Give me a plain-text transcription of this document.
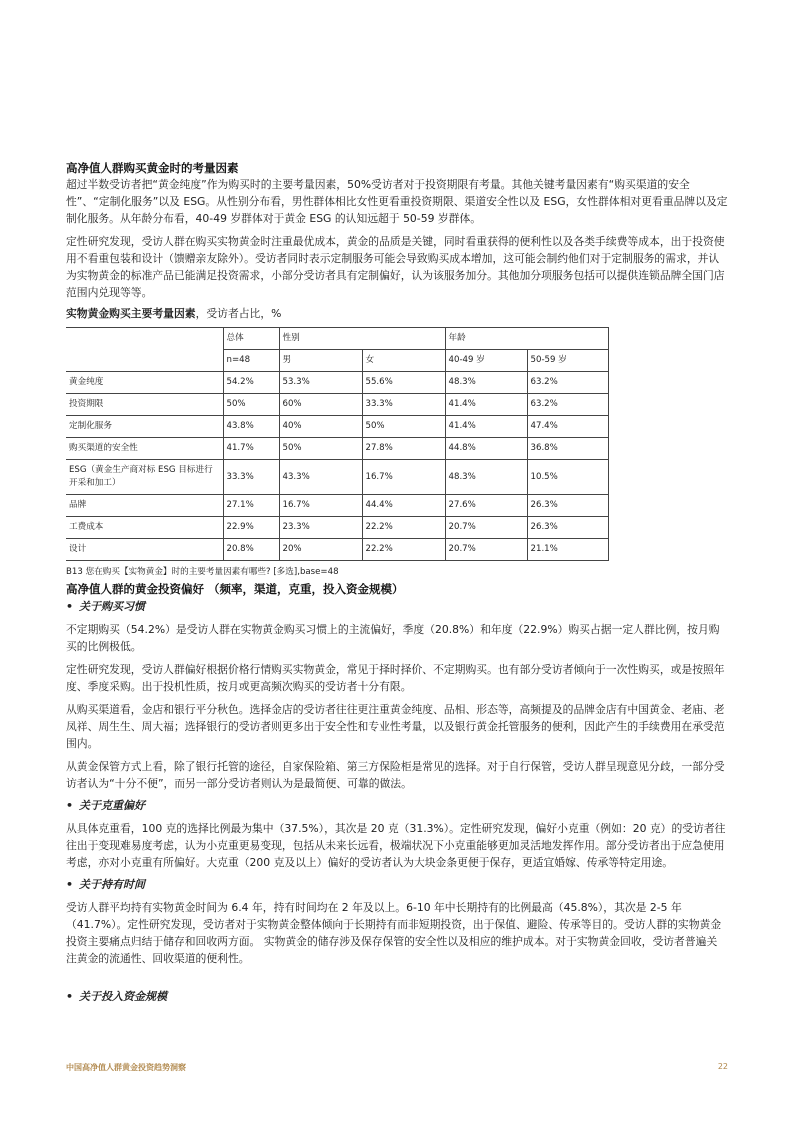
高净值人群购买黄金时的考量因素

超过半数受访者把“黄金纯度”作为购买时的主要考量因素，50%受访者对于投资期限有考量。其他关键考量因素有“购买渠道的安全性”、“定制化服务”以及 ESG。从性别分布看，男性群体相比女性更看重投资期限、渠道安全性以及 ESG，女性群体相对更看重品牌以及定制化服务。从年龄分布看，40-49 岁群体对于黄金 ESG 的认知远超于 50-59 岁群体。

定性研究发现，受访人群在购买实物黄金时注重最优成本，黄金的品质是关键，同时看重获得的便利性以及各类手续费等成本，出于投资使用不看重包装和设计（馈赠亲友除外）。受访者同时表示定制服务可能会导致购买成本增加，这可能会制约他们对于定制服务的需求，并认为实物黄金的标准产品已能满足投资需求，小部分受访者具有定制偏好，认为该服务加分。其他加分项服务包括可以提供连锁品牌全国门店范围内兑现等等。

实物黄金购买主要考量因素，受访者占比，%
	总体	性别		年龄	
	n=48	男	女	40-49 岁	50-59 岁
黄金纯度	54.2%	53.3%	55.6%	48.3%	63.2%
投资期限	50%	60%	33.3%	41.4%	63.2%
定制化服务	43.8%	40%	50%	41.4%	47.4%
购买渠道的安全性	41.7%	50%	27.8%	44.8%	36.8%
ESG（黄金生产商对标 ESG 目标进行开采和加工）	33.3%	43.3%	16.7%	48.3%	10.5%
品牌	27.1%	16.7%	44.4%	27.6%	26.3%
工费成本	22.9%	23.3%	22.2%	20.7%	26.3%
设计	20.8%	20%	22.2%	20.7%	21.1%
B13 您在购买【实物黄金】时的主要考量因素有哪些? [多选],base=48
高净值人群的黄金投资偏好 （频率，渠道，克重，投入资金规模）
• 关于购买习惯

不定期购买（54.2%）是受访人群在实物黄金购买习惯上的主流偏好，季度（20.8%）和年度（22.9%）购买占据一定人群比例，按月购买的比例极低。

定性研究发现，受访人群偏好根据价格行情购买实物黄金，常见于择时择价、不定期购买。也有部分受访者倾向于一次性购买，或是按照年度、季度采购。出于投机性质，按月或更高频次购买的受访者十分有限。

从购买渠道看，金店和银行平分秋色。选择金店的受访者往往更注重黄金纯度、品相、形态等，高频提及的品牌金店有中国黄金、老庙、老凤祥、周生生、周大福；选择银行的受访者则更多出于安全性和专业性考量，以及银行黄金托管服务的便利，因此产生的手续费用在承受范围内。

从黄金保管方式上看，除了银行托管的途径，自家保险箱、第三方保险柜是常见的选择。对于自行保管，受访人群呈现意见分歧，一部分受访者认为“十分不便”，而另一部分受访者则认为是最简便、可靠的做法。

• 关于克重偏好

从具体克重看，100 克的选择比例最为集中（37.5%），其次是 20 克（31.3%）。定性研究发现，偏好小克重（例如：20 克）的受访者往往出于变现难易度考虑，认为小克重更易变现，包括从未来长远看，极端状况下小克重能够更加灵活地发挥作用。部分受访者出于应急使用考虑，亦对小克重有所偏好。大克重（200 克及以上）偏好的受访者认为大块金条更便于保存，更适宜婚嫁、传承等特定用途。

• 关于持有时间

受访人群平均持有实物黄金时间为 6.4 年，持有时间均在 2 年及以上。6-10 年中长期持有的比例最高（45.8%），其次是 2-5 年（41.7%）。定性研究发现，受访者对于实物黄金整体倾向于长期持有而非短期投资，出于保值、避险、传承等目的。受访人群的实物黄金投资主要痛点归结于储存和回收两方面。 实物黄金的储存涉及保存保管的安全性以及相应的维护成本。对于实物黄金回收，受访者普遍关注黄金的流通性、回收渠道的便利性。

• 关于投入资金规模
中国高净值人群黄金投资趋势洞察	22
